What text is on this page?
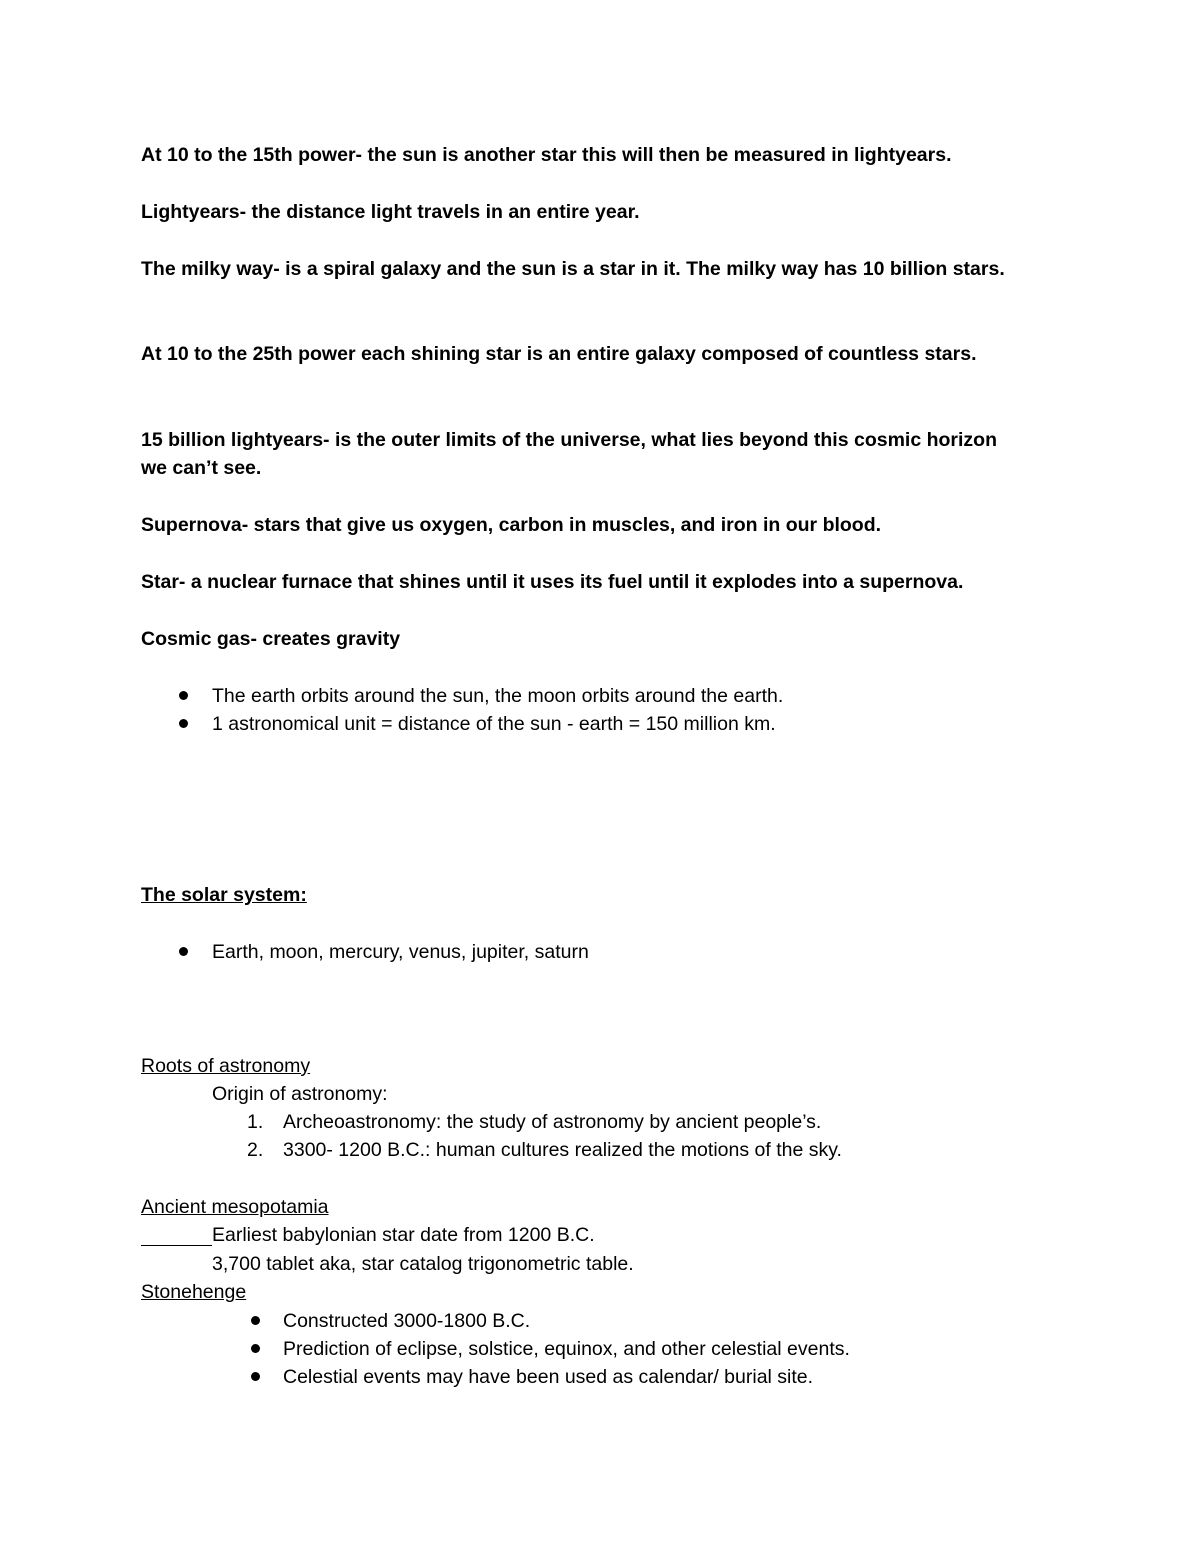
At 10 to the 15th power- the sun is another star this will then be measured in lightyears.
Lightyears- the distance light travels in an entire year.
The milky way- is a spiral galaxy and the sun is a star in it. The milky way has 10 billion stars.
At 10 to the 25th power each shining star is an entire galaxy composed of countless stars.
15 billion lightyears- is the outer limits of the universe, what lies beyond this cosmic horizon we can’t see.
Supernova- stars that give us oxygen, carbon in muscles, and iron in our blood.
Star- a nuclear furnace that shines until it uses its fuel until it explodes into a supernova.
Cosmic gas- creates gravity
The earth orbits around the sun, the moon orbits around the earth.
1 astronomical unit = distance of the sun - earth = 150 million km.
The solar system:
Earth, moon, mercury, venus, jupiter, saturn
Roots of astronomy
Origin of astronomy:
1. Archeoastronomy: the study of astronomy by ancient people’s.
2. 3300- 1200 B.C.: human cultures realized the motions of the sky.
Ancient mesopotamia
Earliest babylonian star date from 1200 B.C.
3,700 tablet aka, star catalog trigonometric table.
Stonehenge
Constructed 3000-1800 B.C.
Prediction of eclipse, solstice, equinox, and other celestial events.
Celestial events may have been used as calendar/ burial site.
